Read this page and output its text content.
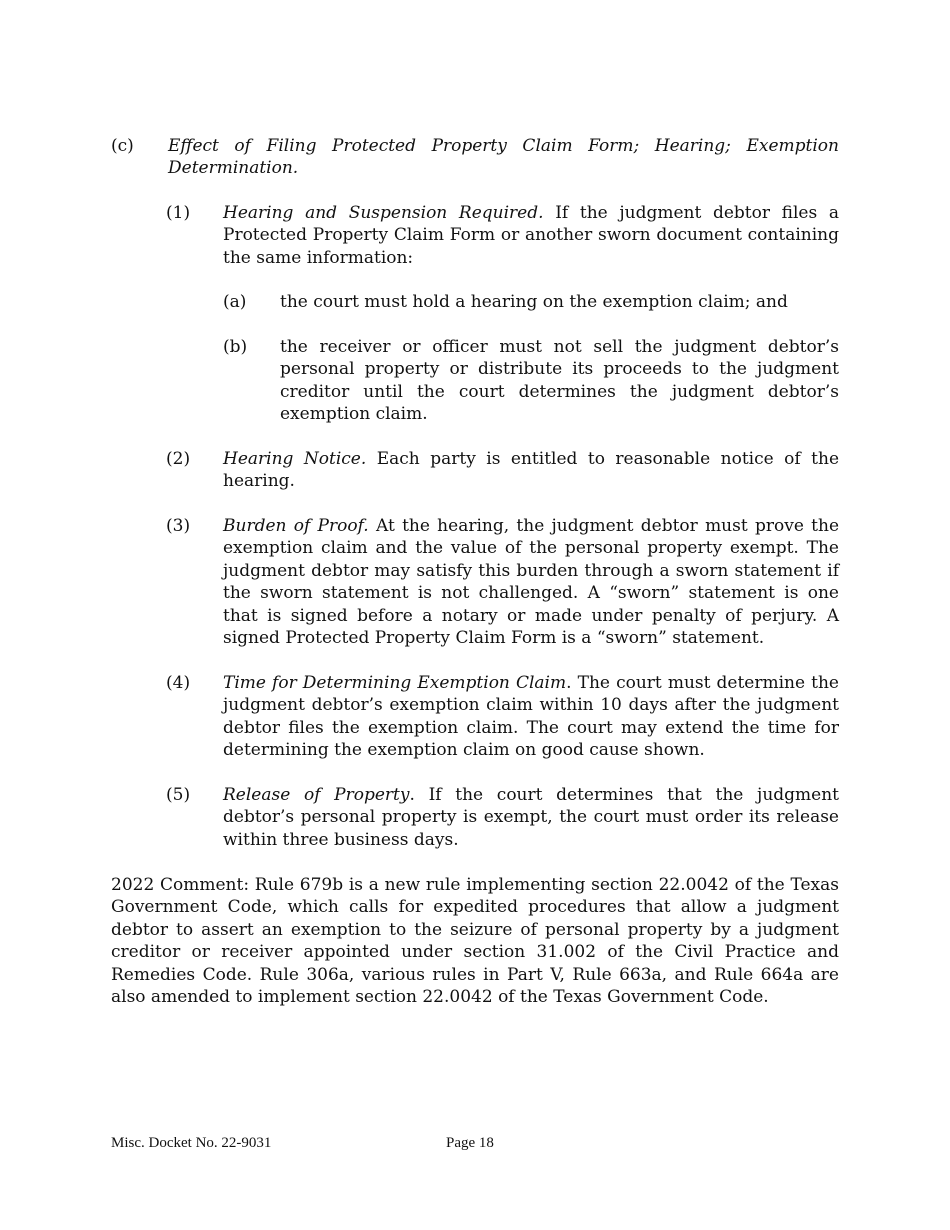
(c) Effect of Filing Protected Property Claim Form; Hearing; Exemption Determination.
(1) Hearing and Suspension Required. If the judgment debtor files a Protected Property Claim Form or another sworn document containing the same information:
(a) the court must hold a hearing on the exemption claim; and
(b) the receiver or officer must not sell the judgment debtor’s personal property or distribute its proceeds to the judgment creditor until the court determines the judgment debtor’s exemption claim.
(2) Hearing Notice. Each party is entitled to reasonable notice of the hearing.
(3) Burden of Proof. At the hearing, the judgment debtor must prove the exemption claim and the value of the personal property exempt. The judgment debtor may satisfy this burden through a sworn statement if the sworn statement is not challenged. A “sworn” statement is one that is signed before a notary or made under penalty of perjury. A signed Protected Property Claim Form is a “sworn” statement.
(4) Time for Determining Exemption Claim. The court must determine the judgment debtor’s exemption claim within 10 days after the judgment debtor files the exemption claim. The court may extend the time for determining the exemption claim on good cause shown.
(5) Release of Property. If the court determines that the judgment debtor’s personal property is exempt, the court must order its release within three business days.
2022 Comment: Rule 679b is a new rule implementing section 22.0042 of the Texas Government Code, which calls for expedited procedures that allow a judgment debtor to assert an exemption to the seizure of personal property by a judgment creditor or receiver appointed under section 31.002 of the Civil Practice and Remedies Code. Rule 306a, various rules in Part V, Rule 663a, and Rule 664a are also amended to implement section 22.0042 of the Texas Government Code.
Misc. Docket No. 22-9031	Page 18
